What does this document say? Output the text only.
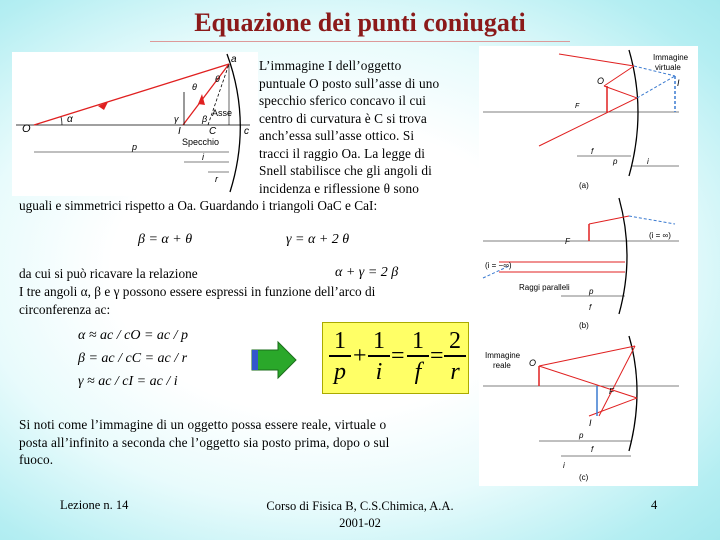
Equazione dei punti coniugati
O	C
I
a
c
α
θ
θ
β
γ
Asse
Specchio
p
i
r
L’immagine I dell’oggetto
puntuale O posto sull’asse di uno
specchio sferico concavo il cui
centro di curvatura è C si trova
anch’essa sull’asse ottico. Si
tracci il raggio Oa. La legge di
Snell stabilisce che gli angoli di
incidenza e riflessione θ sono
uguali e simmetrici rispetto a Oa. Guardando i triangoli OaC e CaI:
β = α + θ	γ = α + 2 θ
da cui si può ricavare la relazione	α + γ = 2 β
I tre angoli α, β e γ possono essere espressi in funzione dell’arco di
circonferenza ac:
α ≈ ac / cO = ac / p
β = ac / cC = ac / r
γ ≈ ac / cI = ac / i	$\frac{1}{p} + \frac{1}{i} = \frac{1}{f} = \frac{2}{r}$
Si noti come l’immagine di un oggetto possa essere reale, virtuale o
posta all’infinito a seconda che l’oggetto sia posto prima, dopo o sul
fuoco.
Immagine
virtuale
O	I
F
p
f
i
(a)
F
(i = ∞)
(i = −∞)
Raggi paralleli p
f
(b)
Immagine
reale O
F
I
p
f
i
(c)
Lezione n. 14	Corso di Fisica B, C.S.Chimica, A.A.
2001-02
4
